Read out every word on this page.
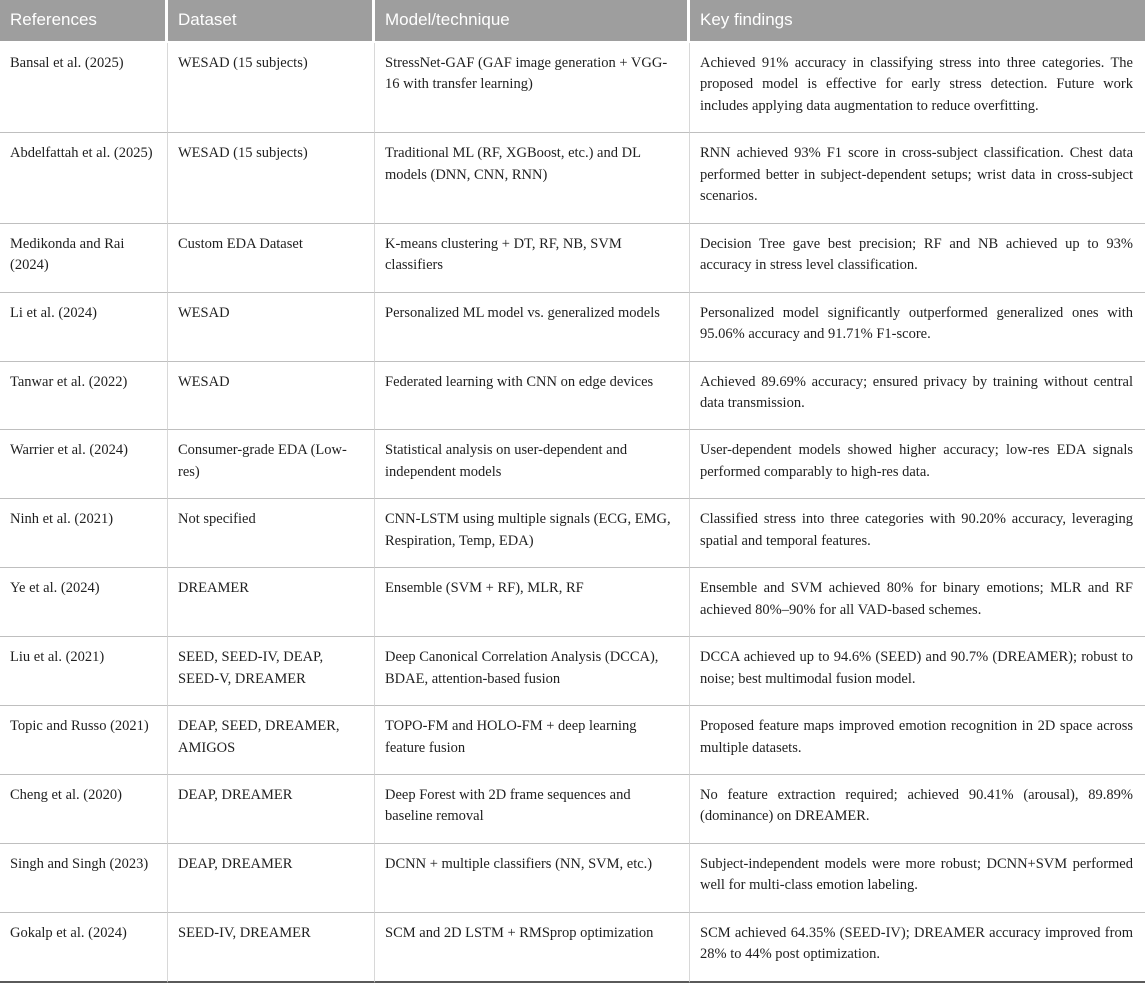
References	Dataset	Model/technique	Key findings
Bansal et al. (2025)	WESAD (15 subjects)	StressNet-GAF (GAF image generation + VGG-16 with transfer learning)	Achieved 91% accuracy in classifying stress into three categories. The proposed model is effective for early stress detection. Future work includes applying data augmentation to reduce overfitting.
Abdelfattah et al. (2025)	WESAD (15 subjects)	Traditional ML (RF, XGBoost, etc.) and DL models (DNN, CNN, RNN)	RNN achieved 93% F1 score in cross-subject classification. Chest data performed better in subject-dependent setups; wrist data in cross-subject scenarios.
Medikonda and Rai (2024)	Custom EDA Dataset	K-means clustering + DT, RF, NB, SVM classifiers	Decision Tree gave best precision; RF and NB achieved up to 93% accuracy in stress level classification.
Li et al. (2024)	WESAD	Personalized ML model vs. generalized models	Personalized model significantly outperformed generalized ones with 95.06% accuracy and 91.71% F1-score.
Tanwar et al. (2022)	WESAD	Federated learning with CNN on edge devices	Achieved 89.69% accuracy; ensured privacy by training without central data transmission.
Warrier et al. (2024)	Consumer-grade EDA (Low-res)	Statistical analysis on user-dependent and independent models	User-dependent models showed higher accuracy; low-res EDA signals performed comparably to high-res data.
Ninh et al. (2021)	Not specified	CNN-LSTM using multiple signals (ECG, EMG, Respiration, Temp, EDA)	Classified stress into three categories with 90.20% accuracy, leveraging spatial and temporal features.
Ye et al. (2024)	DREAMER	Ensemble (SVM + RF), MLR, RF	Ensemble and SVM achieved 80% for binary emotions; MLR and RF achieved 80%–90% for all VAD-based schemes.
Liu et al. (2021)	SEED, SEED-IV, DEAP, SEED-V, DREAMER	Deep Canonical Correlation Analysis (DCCA), BDAE, attention-based fusion	DCCA achieved up to 94.6% (SEED) and 90.7% (DREAMER); robust to noise; best multimodal fusion model.
Topic and Russo (2021)	DEAP, SEED, DREAMER, AMIGOS	TOPO-FM and HOLO-FM + deep learning feature fusion	Proposed feature maps improved emotion recognition in 2D space across multiple datasets.
Cheng et al. (2020)	DEAP, DREAMER	Deep Forest with 2D frame sequences and baseline removal	No feature extraction required; achieved 90.41% (arousal), 89.89% (dominance) on DREAMER.
Singh and Singh (2023)	DEAP, DREAMER	DCNN + multiple classifiers (NN, SVM, etc.)	Subject-independent models were more robust; DCNN+SVM performed well for multi-class emotion labeling.
Gokalp et al. (2024)	SEED-IV, DREAMER	SCM and 2D LSTM + RMSprop optimization	SCM achieved 64.35% (SEED-IV); DREAMER accuracy improved from 28% to 44% post optimization.
